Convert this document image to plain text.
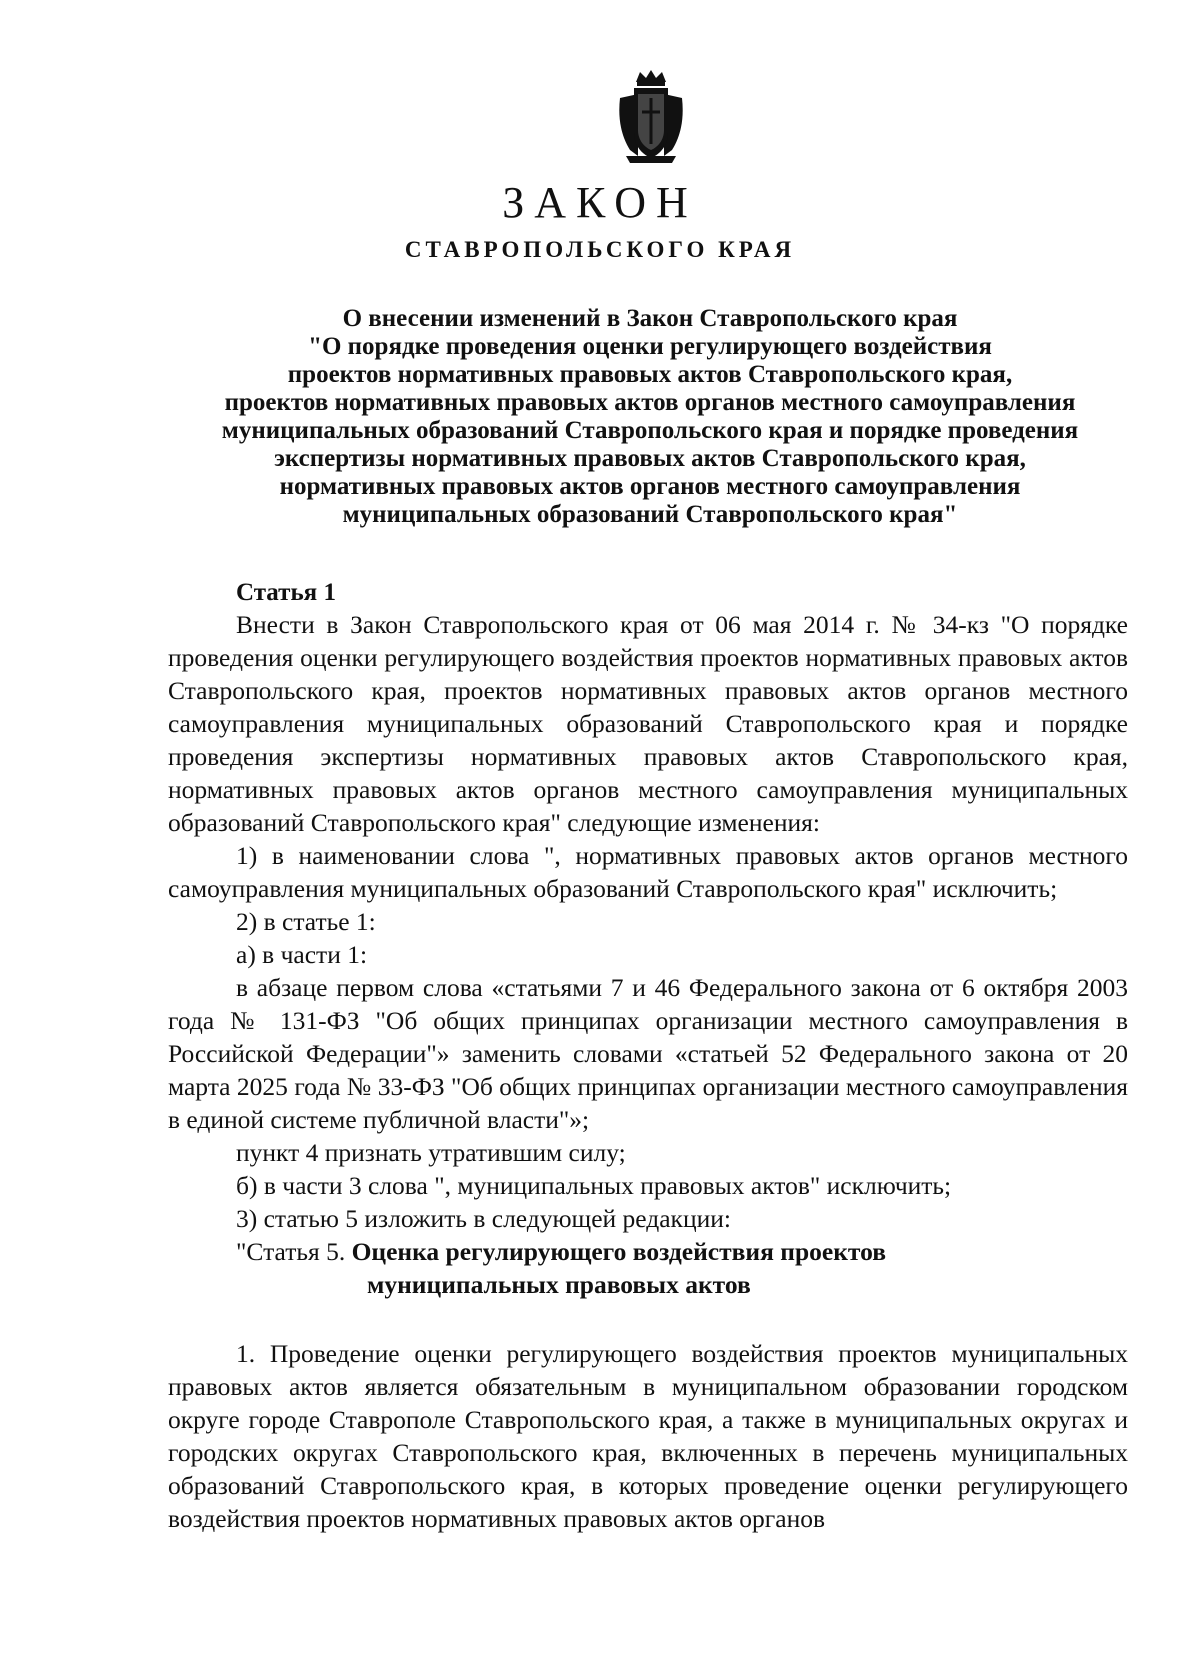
ЗАКОН
СТАВРОПОЛЬСКОГО КРАЯ
О внесении изменений в Закон Ставропольского края
"О порядке проведения оценки регулирующего воздействия
проектов нормативных правовых актов Ставропольского края,
проектов нормативных правовых актов органов местного самоуправления
муниципальных образований Ставропольского края и порядке проведения
экспертизы нормативных правовых актов Ставропольского края,
нормативных правовых актов органов местного самоуправления
муниципальных образований Ставропольского края"
Статья 1

Внести в Закон Ставропольского края от 06 мая 2014 г. № 34-кз "О порядке проведения оценки регулирующего воздействия проектов нормативных правовых актов Ставропольского края, проектов нормативных правовых актов органов местного самоуправления муниципальных образований Ставропольского края и порядке проведения экспертизы нормативных правовых актов Ставропольского края, нормативных правовых актов органов местного самоуправления муниципальных образований Ставропольского края" следующие изменения:

1) в наименовании слова ", нормативных правовых актов органов местного самоуправления муниципальных образований Ставропольского края" исключить;

2) в статье 1:

а) в части 1:

в абзаце первом слова «статьями 7 и 46 Федерального закона от 6 октября 2003 года № 131-ФЗ "Об общих принципах организации местного самоуправления в Российской Федерации"» заменить словами «статьей 52 Федерального закона от 20 марта 2025 года № 33-ФЗ "Об общих принципах организации местного самоуправления в единой системе публичной власти"»;

пункт 4 признать утратившим силу;

б) в части 3 слова ", муниципальных правовых актов" исключить;

3) статью 5 изложить в следующей редакции:

"Статья 5. Оценка регулирующего воздействия проектов

муниципальных правовых актов

1. Проведение оценки регулирующего воздействия проектов муниципальных правовых актов является обязательным в муниципальном образовании городском округе городе Ставрополе Ставропольского края, а также в муниципальных округах и городских округах Ставропольского края, включенных в перечень муниципальных образований Ставропольского края, в которых проведение оценки регулирующего воздействия проектов нормативных правовых актов органов
